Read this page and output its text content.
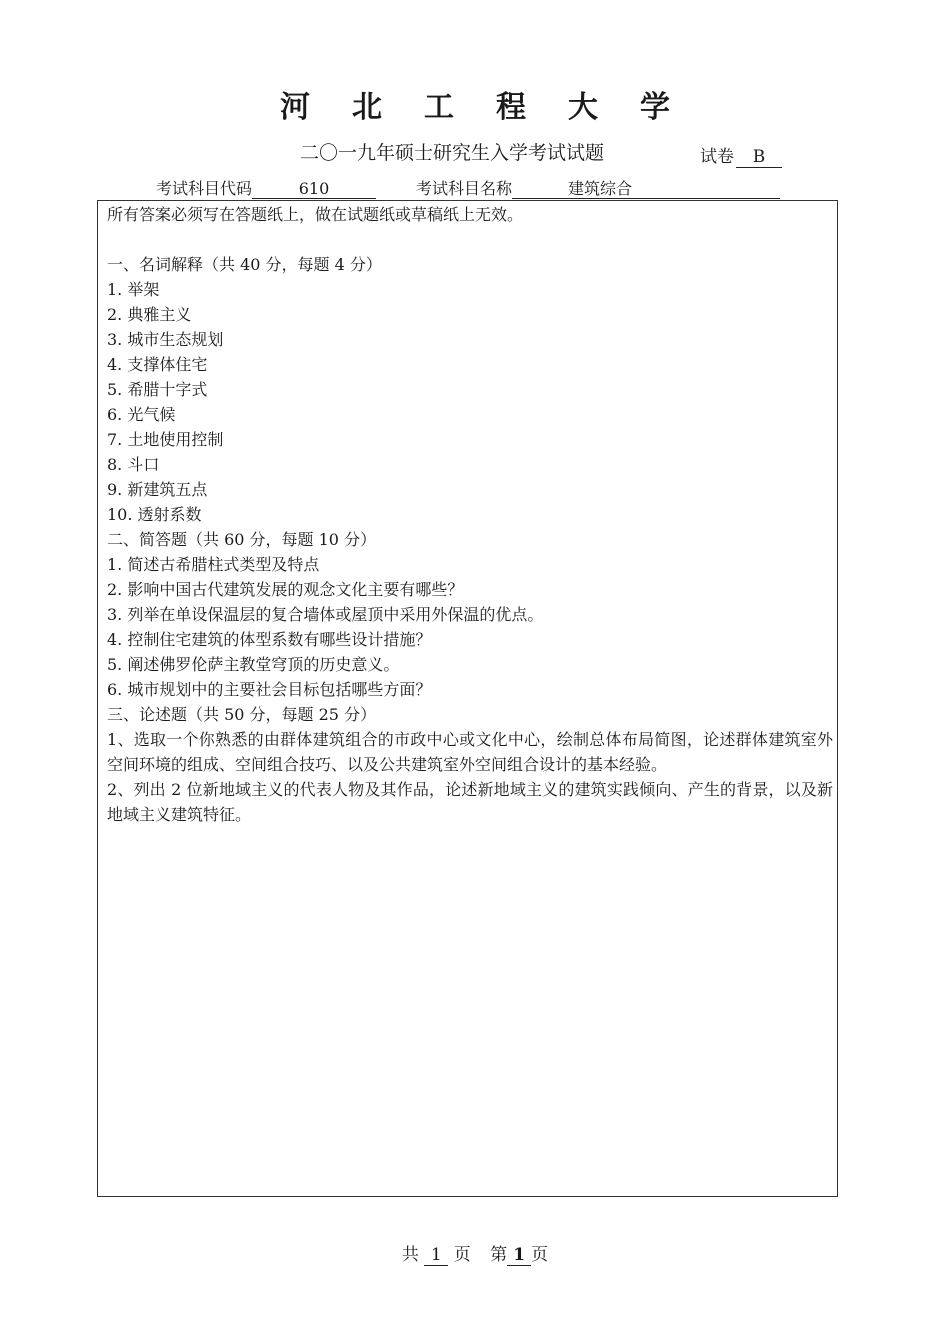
河北工程大学
二〇一九年硕士研究生入学考试试题	试卷 B
考试科目代码	610	考试科目名称	建筑综合

所有答案必须写在答题纸上，做在试题纸或草稿纸上无效。

一、名词解释（共 40 分，每题 4 分）

1. 举架

2. 典雅主义

3. 城市生态规划

4. 支撑体住宅

5. 希腊十字式

6. 光气候

7. 土地使用控制

8. 斗口

9. 新建筑五点

10. 透射系数

二、简答题（共 60 分，每题 10 分）

1. 简述古希腊柱式类型及特点

2. 影响中国古代建筑发展的观念文化主要有哪些？

3. 列举在单设保温层的复合墙体或屋顶中采用外保温的优点。

4. 控制住宅建筑的体型系数有哪些设计措施？

5. 阐述佛罗伦萨主教堂穹顶的历史意义。

6. 城市规划中的主要社会目标包括哪些方面？

三、论述题（共 50 分，每题 25 分）

1、选取一个你熟悉的由群体建筑组合的市政中心或文化中心，绘制总体布局简图，论述群体建筑室外空间环境的组成、空间组合技巧、以及公共建筑室外空间组合设计的基本经验。

2、列出 2 位新地域主义的代表人物及其作品，论述新地域主义的建筑实践倾向、产生的背景，以及新地域主义建筑特征。

共 1 页 第 1 页
